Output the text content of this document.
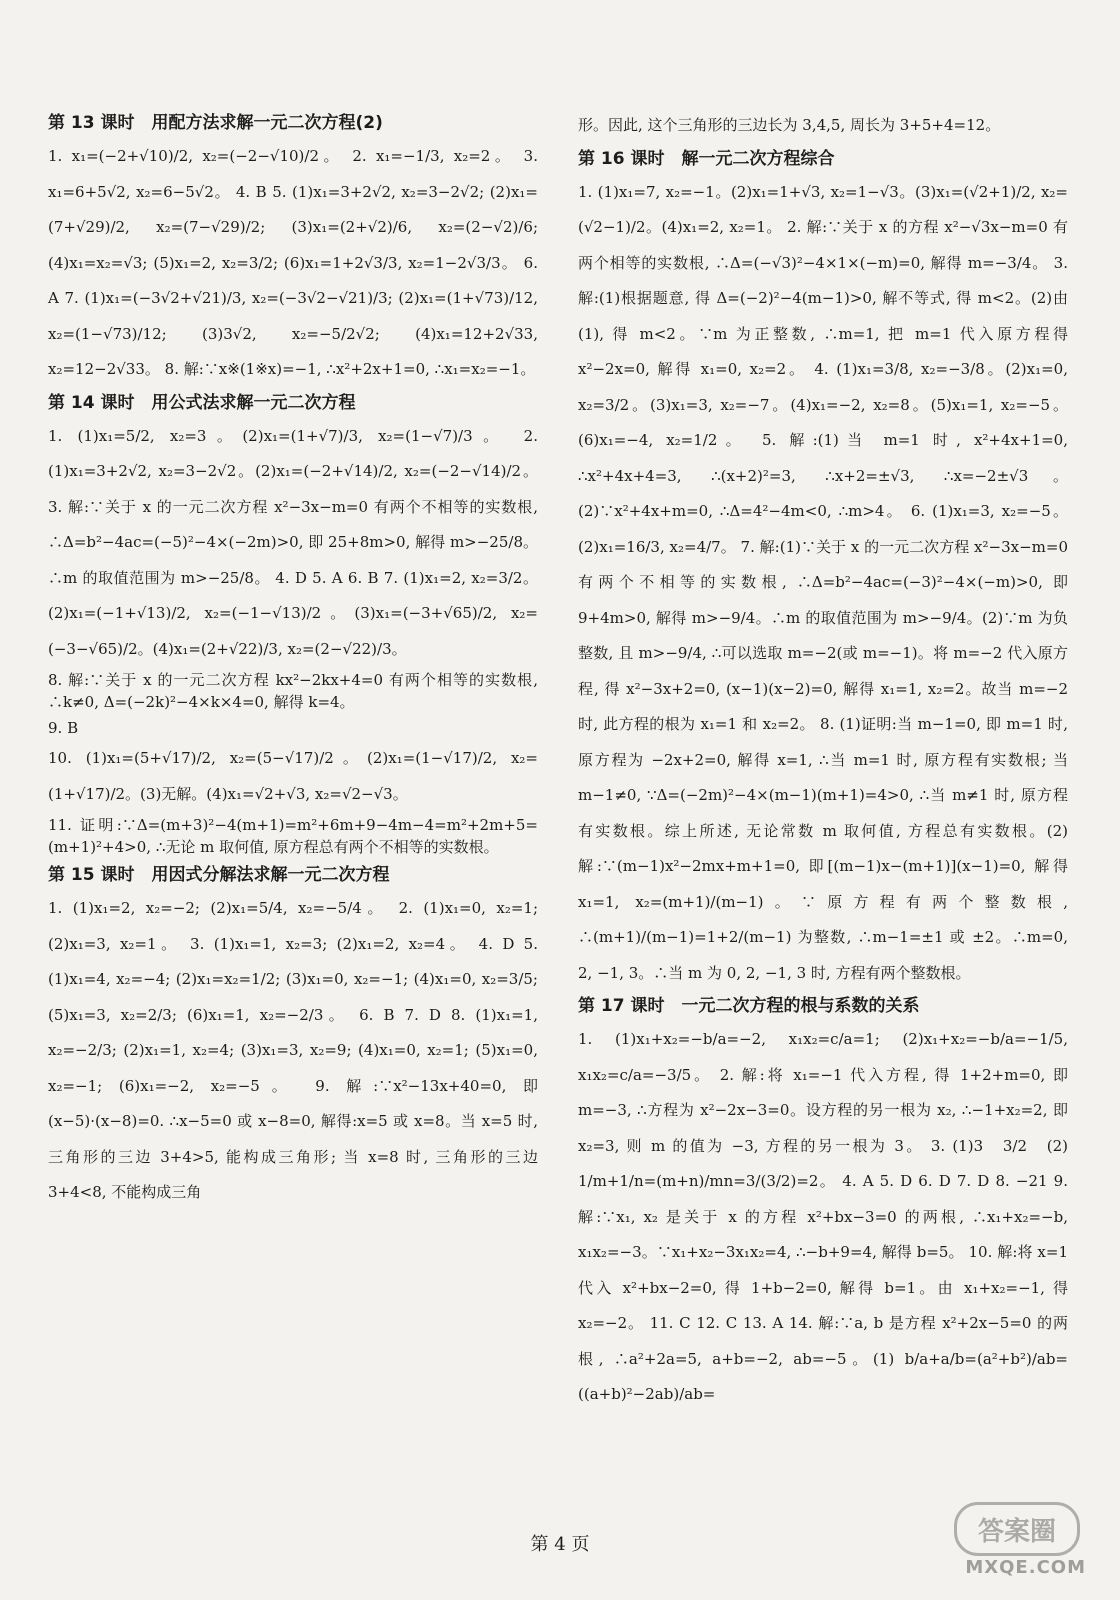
第 13 课时　用配方法求解一元二次方程(2)

1. x₁=(−2+√10)/2, x₂=(−2−√10)/2。 2. x₁=−1/3, x₂=2。 3. x₁=6+5√2, x₂=6−5√2。 4. B 5. (1)x₁=3+2√2, x₂=3−2√2; (2)x₁=(7+√29)/2, x₂=(7−√29)/2; (3)x₁=(2+√2)/6, x₂=(2−√2)/6; (4)x₁=x₂=√3; (5)x₁=2, x₂=3/2; (6)x₁=1+2√3/3, x₂=1−2√3/3。 6. A 7. (1)x₁=(−3√2+√21)/3, x₂=(−3√2−√21)/3; (2)x₁=(1+√73)/12, x₂=(1−√73)/12; (3)3√2, x₂=−5/2√2; (4)x₁=12+2√33, x₂=12−2√33。 8. 解:∵x※(1※x)=−1, ∴x²+2x+1=0, ∴x₁=x₂=−1。

第 14 课时　用公式法求解一元二次方程

1. (1)x₁=5/2, x₂=3。(2)x₁=(1+√7)/3, x₂=(1−√7)/3。 2. (1)x₁=3+2√2, x₂=3−2√2。(2)x₁=(−2+√14)/2, x₂=(−2−√14)/2。 3. 解:∵关于 x 的一元二次方程 x²−3x−m=0 有两个不相等的实数根, ∴Δ=b²−4ac=(−5)²−4×(−2m)>0, 即 25+8m>0, 解得 m>−25/8。∴m 的取值范围为 m>−25/8。 4. D 5. A 6. B 7. (1)x₁=2, x₂=3/2。(2)x₁=(−1+√13)/2, x₂=(−1−√13)/2。(3)x₁=(−3+√65)/2, x₂=(−3−√65)/2。(4)x₁=(2+√22)/3, x₂=(2−√22)/3。

8. 解:∵关于 x 的一元二次方程 kx²−2kx+4=0 有两个相等的实数根, ∴k≠0, Δ=(−2k)²−4×k×4=0, 解得 k=4。

9. B

10. (1)x₁=(5+√17)/2, x₂=(5−√17)/2。(2)x₁=(1−√17)/2, x₂=(1+√17)/2。(3)无解。(4)x₁=√2+√3, x₂=√2−√3。

11. 证明:∵Δ=(m+3)²−4(m+1)=m²+6m+9−4m−4=m²+2m+5=(m+1)²+4>0, ∴无论 m 取何值, 原方程总有两个不相等的实数根。

第 15 课时　用因式分解法求解一元二次方程

1. (1)x₁=2, x₂=−2; (2)x₁=5/4, x₂=−5/4。 2. (1)x₁=0, x₂=1; (2)x₁=3, x₂=1。 3. (1)x₁=1, x₂=3; (2)x₁=2, x₂=4。 4. D 5. (1)x₁=4, x₂=−4; (2)x₁=x₂=1/2; (3)x₁=0, x₂=−1; (4)x₁=0, x₂=3/5; (5)x₁=3, x₂=2/3; (6)x₁=1, x₂=−2/3。 6. B 7. D 8. (1)x₁=1, x₂=−2/3; (2)x₁=1, x₂=4; (3)x₁=3, x₂=9; (4)x₁=0, x₂=1; (5)x₁=0, x₂=−1; (6)x₁=−2, x₂=−5。 9. 解:∵x²−13x+40=0, 即(x−5)·(x−8)=0. ∴x−5=0 或 x−8=0, 解得:x=5 或 x=8。当 x=5 时, 三角形的三边 3+4>5, 能构成三角形; 当 x=8 时, 三角形的三边 3+4<8, 不能构成三角

形。因此, 这个三角形的三边长为 3,4,5, 周长为 3+5+4=12。

第 16 课时　解一元二次方程综合

1. (1)x₁=7, x₂=−1。(2)x₁=1+√3, x₂=1−√3。(3)x₁=(√2+1)/2, x₂=(√2−1)/2。(4)x₁=2, x₂=1。 2. 解:∵关于 x 的方程 x²−√3x−m=0 有两个相等的实数根, ∴Δ=(−√3)²−4×1×(−m)=0, 解得 m=−3/4。 3. 解:(1)根据题意, 得 Δ=(−2)²−4(m−1)>0, 解不等式, 得 m<2。(2)由(1), 得 m<2。∵m 为正整数, ∴m=1, 把 m=1 代入原方程得 x²−2x=0, 解得 x₁=0, x₂=2。 4. (1)x₁=3/8, x₂=−3/8。(2)x₁=0, x₂=3/2。(3)x₁=3, x₂=−7。(4)x₁=−2, x₂=8。(5)x₁=1, x₂=−5。(6)x₁=−4, x₂=1/2。 5. 解:(1)当 m=1 时, x²+4x+1=0, ∴x²+4x+4=3, ∴(x+2)²=3, ∴x+2=±√3, ∴x=−2±√3。(2)∵x²+4x+m=0, ∴Δ=4²−4m<0, ∴m>4。 6. (1)x₁=3, x₂=−5。(2)x₁=16/3, x₂=4/7。 7. 解:(1)∵关于 x 的一元二次方程 x²−3x−m=0 有两个不相等的实数根, ∴Δ=b²−4ac=(−3)²−4×(−m)>0, 即 9+4m>0, 解得 m>−9/4。∴m 的取值范围为 m>−9/4。(2)∵m 为负整数, 且 m>−9/4, ∴可以选取 m=−2(或 m=−1)。将 m=−2 代入原方程, 得 x²−3x+2=0, (x−1)(x−2)=0, 解得 x₁=1, x₂=2。故当 m=−2 时, 此方程的根为 x₁=1 和 x₂=2。 8. (1)证明:当 m−1=0, 即 m=1 时, 原方程为 −2x+2=0, 解得 x=1, ∴当 m=1 时, 原方程有实数根; 当 m−1≠0, ∵Δ=(−2m)²−4×(m−1)(m+1)=4>0, ∴当 m≠1 时, 原方程有实数根。综上所述, 无论常数 m 取何值, 方程总有实数根。(2)解:∵(m−1)x²−2mx+m+1=0, 即[(m−1)x−(m+1)](x−1)=0, 解得 x₁=1, x₂=(m+1)/(m−1)。∵原方程有两个整数根, ∴(m+1)/(m−1)=1+2/(m−1) 为整数, ∴m−1=±1 或 ±2。∴m=0, 2, −1, 3。∴当 m 为 0, 2, −1, 3 时, 方程有两个整数根。

第 17 课时　一元二次方程的根与系数的关系

1. (1)x₁+x₂=−b/a=−2, x₁x₂=c/a=1; (2)x₁+x₂=−b/a=−1/5, x₁x₂=c/a=−3/5。 2. 解:将 x₁=−1 代入方程, 得 1+2+m=0, 即 m=−3, ∴方程为 x²−2x−3=0。设方程的另一根为 x₂, ∴−1+x₂=2, 即 x₂=3, 则 m 的值为 −3, 方程的另一根为 3。 3. (1)3　3/2　(2) 1/m+1/n=(m+n)/mn=3/(3/2)=2。 4. A 5. D 6. D 7. D 8. −21 9. 解:∵x₁, x₂ 是关于 x 的方程 x²+bx−3=0 的两根, ∴x₁+x₂=−b, x₁x₂=−3。∵x₁+x₂−3x₁x₂=4, ∴−b+9=4, 解得 b=5。 10. 解:将 x=1 代入 x²+bx−2=0, 得 1+b−2=0, 解得 b=1。由 x₁+x₂=−1, 得 x₂=−2。 11. C 12. C 13. A 14. 解:∵a, b 是方程 x²+2x−5=0 的两根, ∴a²+2a=5, a+b=−2, ab=−5。(1) b/a+a/b=(a²+b²)/ab=((a+b)²−2ab)/ab=

第 4 页	答案圈
MXQE.COM
